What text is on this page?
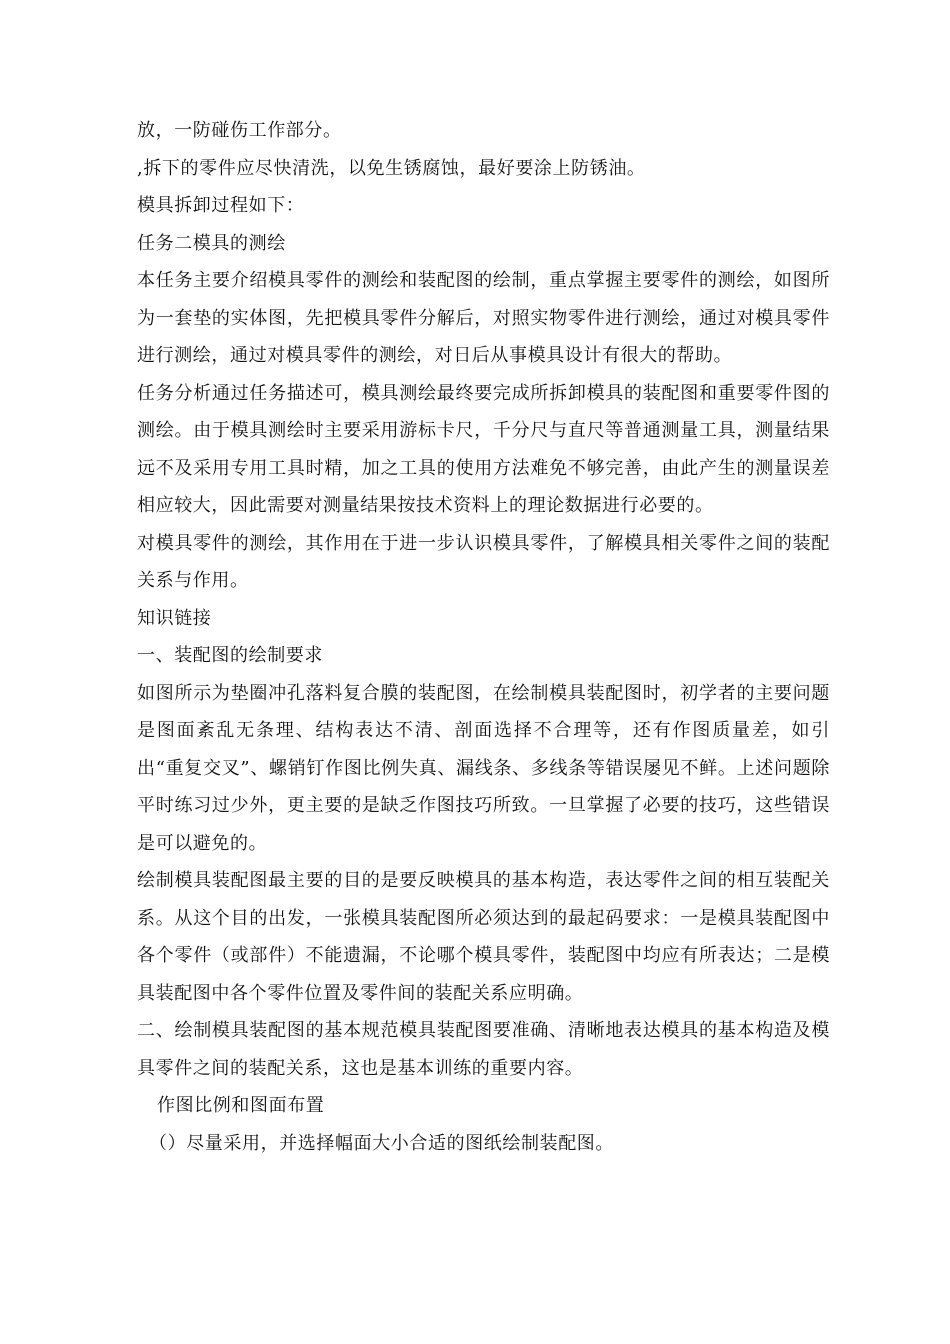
放，一防碰伤工作部分。

,拆下的零件应尽快清洗，以免生锈腐蚀，最好要涂上防锈油。

模具拆卸过程如下：

任务二模具的测绘

本任务主要介绍模具零件的测绘和装配图的绘制，重点掌握主要零件的测绘，如图所为一套垫的实体图，先把模具零件分解后，对照实物零件进行测绘，通过对模具零件进行测绘，通过对模具零件的测绘，对日后从事模具设计有很大的帮助。

任务分析通过任务描述可，模具测绘最终要完成所拆卸模具的装配图和重要零件图的测绘。由于模具测绘时主要采用游标卡尺，千分尺与直尺等普通测量工具，测量结果远不及采用专用工具时精，加之工具的使用方法难免不够完善，由此产生的测量误差相应较大，因此需要对测量结果按技术资料上的理论数据进行必要的。

对模具零件的测绘，其作用在于进一步认识模具零件，了解模具相关零件之间的装配关系与作用。

知识链接

一、装配图的绘制要求

如图所示为垫圈冲孔落料复合膜的装配图，在绘制模具装配图时，初学者的主要问题是图面紊乱无条理、结构表达不清、剖面选择不合理等，还有作图质量差，如引出“重复交叉”、螺销钉作图比例失真、漏线条、多线条等错误屡见不鲜。上述问题除平时练习过少外，更主要的是缺乏作图技巧所致。一旦掌握了必要的技巧，这些错误是可以避免的。

绘制模具装配图最主要的目的是要反映模具的基本构造，表达零件之间的相互装配关系。从这个目的出发，一张模具装配图所必须达到的最起码要求：一是模具装配图中各个零件（或部件）不能遗漏，不论哪个模具零件，装配图中均应有所表达；二是模具装配图中各个零件位置及零件间的装配关系应明确。

二、绘制模具装配图的基本规范模具装配图要准确、清晰地表达模具的基本构造及模具零件之间的装配关系，这也是基本训练的重要内容。

作图比例和图面布置

（）尽量采用，并选择幅面大小合适的图纸绘制装配图。
